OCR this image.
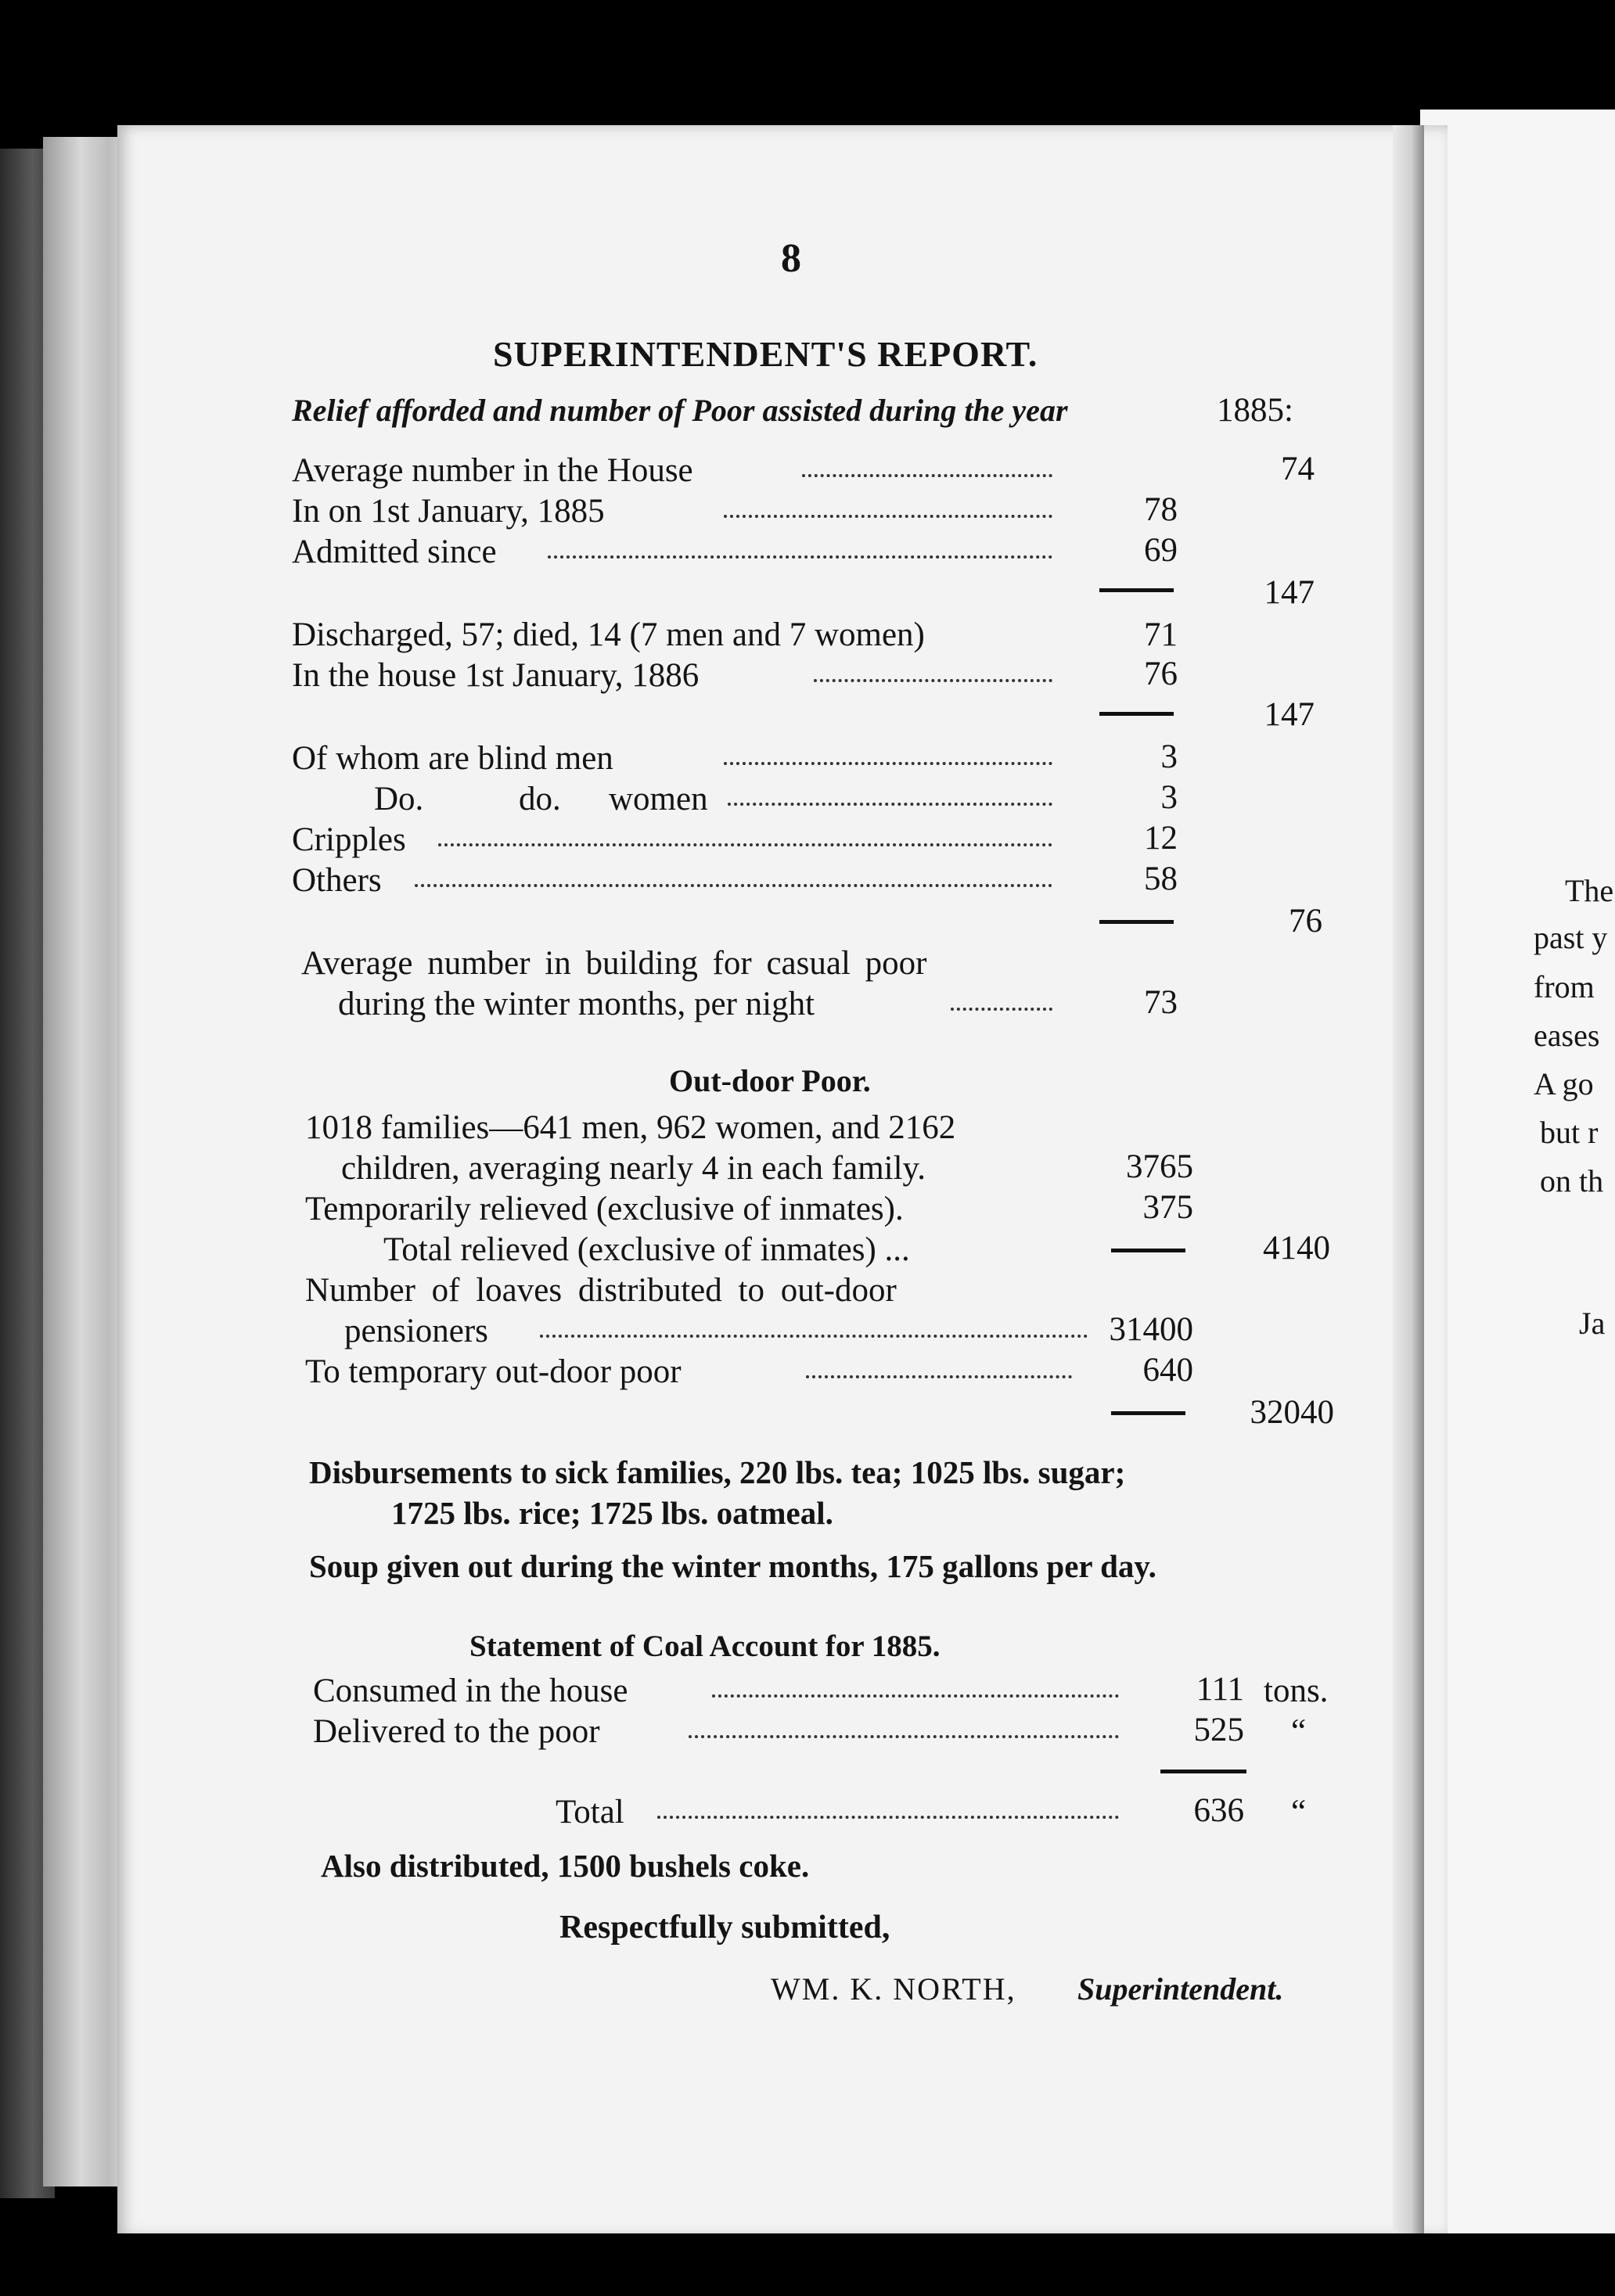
8
SUPERINTENDENT'S REPORT.
Relief afforded and number of Poor assisted during the year	1885:
Average number in the House	74
In on 1st January, 1885	78
Admitted since	69
147
Discharged, 57; died, 14 (7 men and 7 women)	71
In the house 1st January, 1886	76
147
Of whom are blind men	3
Do.	do. women	3
Cripples	12
Others	58
76
Average number in building for casual poor
during the winter months, per night	73
Out-door Poor.
1018 families—641 men, 962 women, and 2162
children, averaging nearly 4 in each family.	3765
Temporarily relieved (exclusive of inmates).	375
Total relieved (exclusive of inmates) ...	4140
Number of loaves distributed to out-door
pensioners	31400
To temporary out-door poor	640
32040
Disbursements to sick families, 220 lbs. tea; 1025 lbs. sugar;
1725 lbs. rice; 1725 lbs. oatmeal.
Soup given out during the winter months, 175 gallons per day.
Statement of Coal Account for 1885.
Consumed in the house	111 tons.
Delivered to the poor	525 “
Total	636 “
Also distributed, 1500 bushels coke.
Respectfully submitted,
WM. K. NORTH, Superintendent.
The
past y
from
eases
A go
but r
on th
Ja
